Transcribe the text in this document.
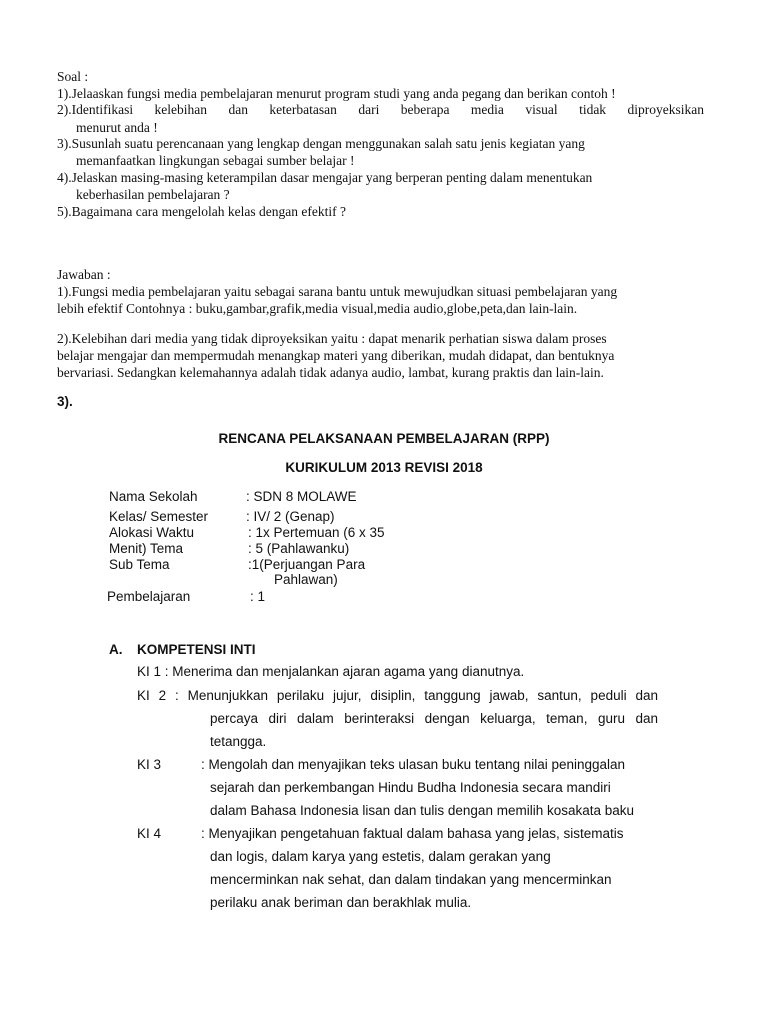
Soal :
1).Jelaaskan fungsi media pembelajaran menurut program studi yang anda pegang dan berikan contoh !
2).Identifikasi kelebihan dan keterbatasan dari beberapa media visual tidak diproyeksikan
menurut anda !
3).Susunlah suatu perencanaan yang lengkap dengan menggunakan salah satu jenis kegiatan yang
memanfaatkan lingkungan sebagai sumber belajar !
4).Jelaskan masing-masing keterampilan dasar mengajar yang berperan penting dalam menentukan
keberhasilan pembelajaran ?
5).Bagaimana cara mengelolah kelas dengan efektif ?
Jawaban :
1).Fungsi media pembelajaran yaitu sebagai sarana bantu untuk mewujudkan situasi pembelajaran yang
lebih efektif Contohnya : buku,gambar,grafik,media visual,media audio,globe,peta,dan lain-lain.
2).Kelebihan dari media yang tidak diproyeksikan yaitu : dapat menarik perhatian siswa dalam proses
belajar mengajar dan mempermudah menangkap materi yang diberikan, mudah didapat, dan bentuknya
bervariasi. Sedangkan kelemahannya adalah tidak adanya audio, lambat, kurang praktis dan lain-lain.
3).
RENCANA PELAKSANAAN PEMBELAJARAN (RPP)
KURIKULUM 2013 REVISI 2018
Nama Sekolah	: SDN 8 MOLAWE
Kelas/ Semester	: IV/ 2 (Genap)
Alokasi Waktu	: 1x Pertemuan (6 x 35
Menit) Tema	: 5 (Pahlawanku)
Sub Tema	:1(Perjuangan Para
Pahlawan)
Pembelajaran	: 1
A. KOMPETENSI INTI
KI 1 : Menerima dan menjalankan ajaran agama yang dianutnya.
KI 2 : Menunjukkan perilaku jujur, disiplin, tanggung jawab, santun, peduli dan
percaya diri dalam berinteraksi dengan keluarga, teman, guru dan
tetangga.
KI 3	: Mengolah dan menyajikan teks ulasan buku tentang nilai peninggalan
sejarah dan perkembangan Hindu Budha Indonesia secara mandiri
dalam Bahasa Indonesia lisan dan tulis dengan memilih kosakata baku
KI 4	: Menyajikan pengetahuan faktual dalam bahasa yang jelas, sistematis
dan logis, dalam karya yang estetis, dalam gerakan yang
mencerminkan nak sehat, dan dalam tindakan yang mencerminkan
perilaku anak beriman dan berakhlak mulia.
